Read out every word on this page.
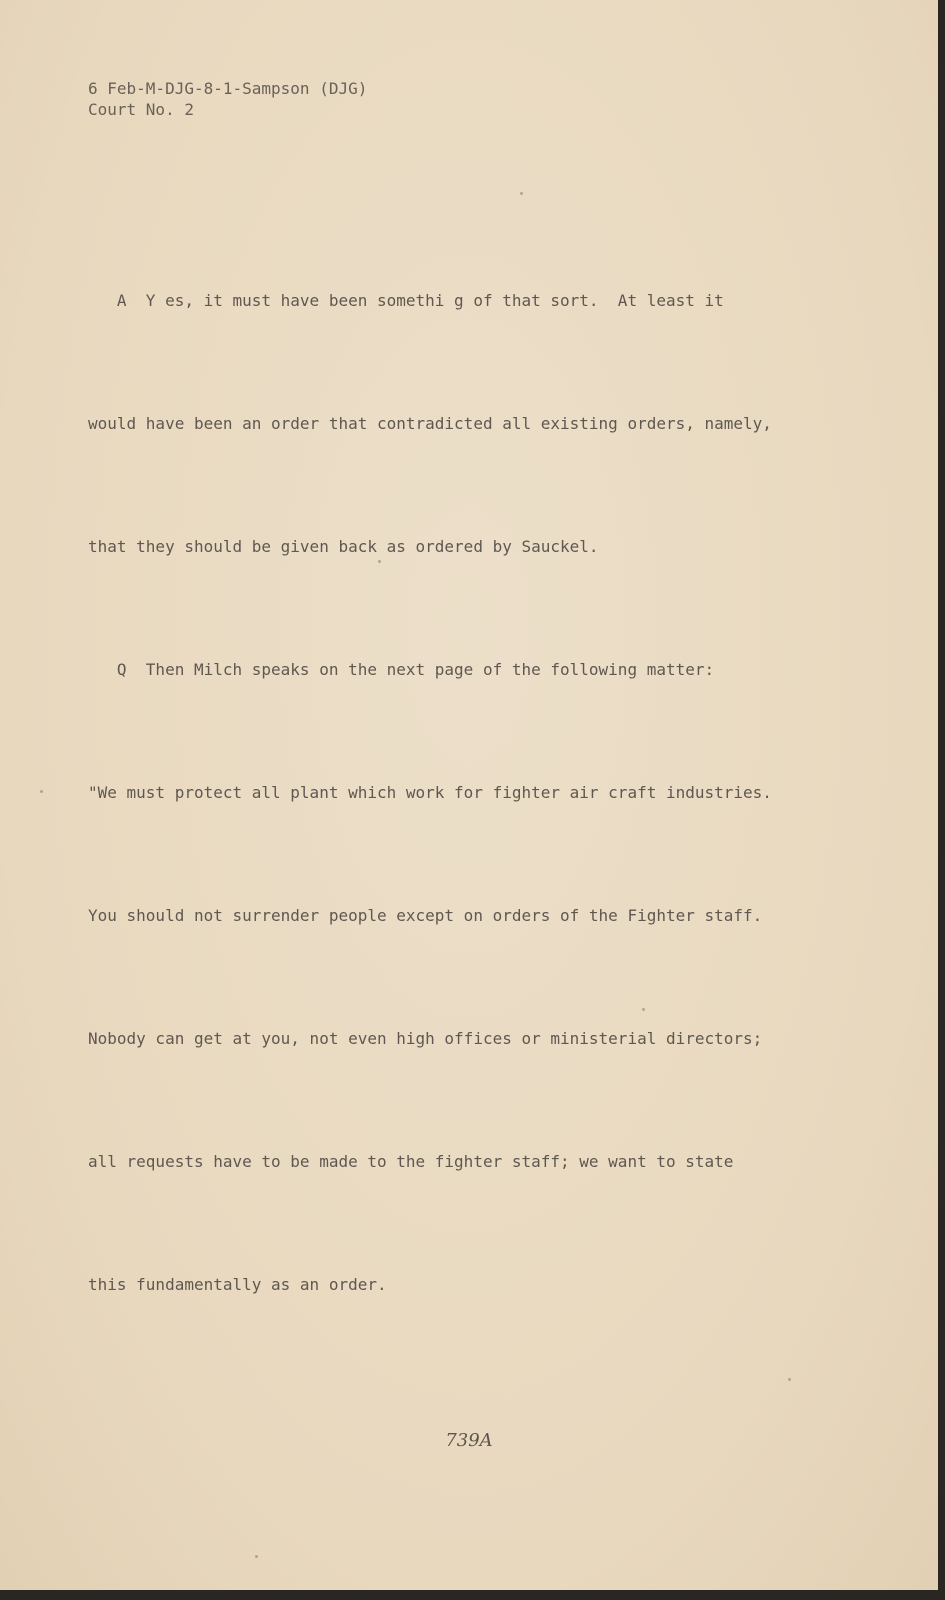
6 Feb-M-DJG-8-1-Sampson (DJG)
Court No. 2

A  Y es, it must have been somethi g of that sort.  At least it

would have been an order that contradicted all existing orders, namely,

that they should be given back as ordered by Sauckel.

Q  Then Milch speaks on the next page of the following matter:

"We must protect all plant which work for fighter air craft industries.

You should not surrender people except on orders of the Fighter staff.

Nobody can get at you, not even high offices or ministerial directors;

all requests have to be made to the fighter staff; we want to state

this fundamentally as an order.

739A
